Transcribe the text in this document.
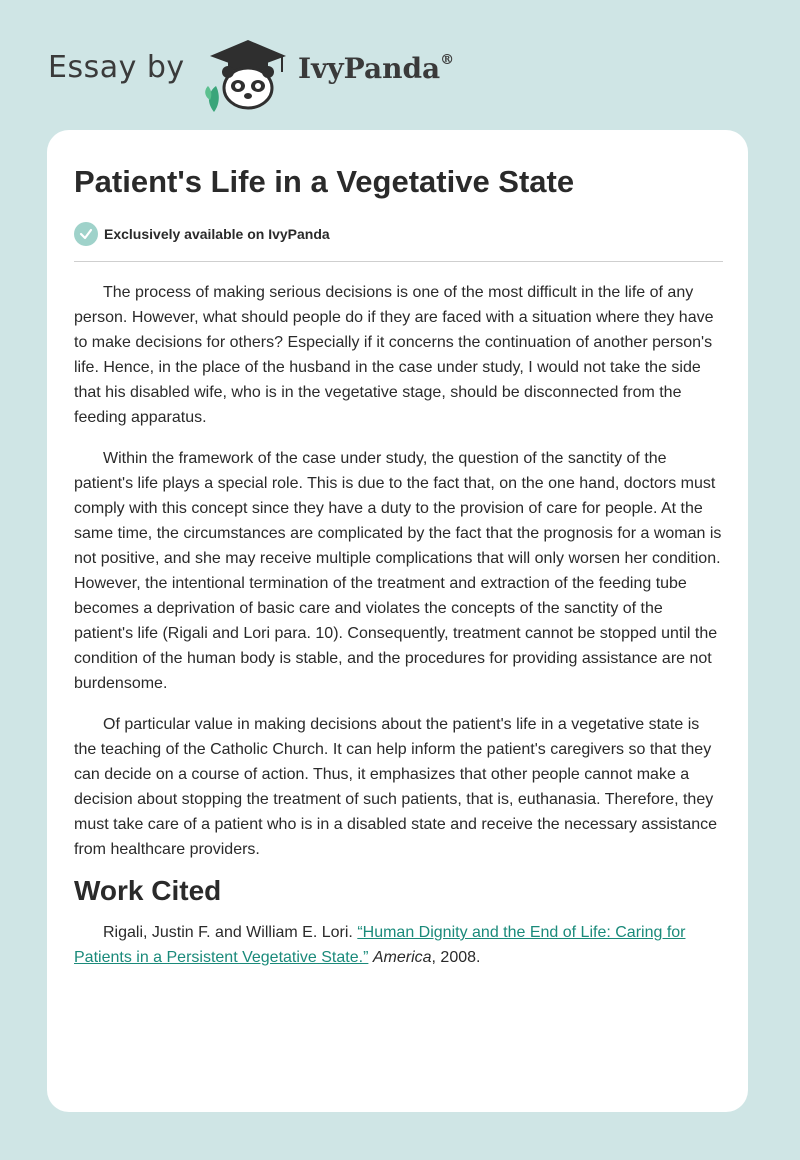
Essay by	IvyPanda®
Patient's Life in a Vegetative State
Exclusively available on IvyPanda

The process of making serious decisions is one of the most difficult in the life of any person. However, what should people do if they are faced with a situation where they have to make decisions for others? Especially if it concerns the continuation of another person's life. Hence, in the place of the husband in the case under study, I would not take the side that his disabled wife, who is in the vegetative stage, should be disconnected from the feeding apparatus.

Within the framework of the case under study, the question of the sanctity of the patient's life plays a special role. This is due to the fact that, on the one hand, doctors must comply with this concept since they have a duty to the provision of care for people. At the same time, the circumstances are complicated by the fact that the prognosis for a woman is not positive, and she may receive multiple complications that will only worsen her condition. However, the intentional termination of the treatment and extraction of the feeding tube becomes a deprivation of basic care and violates the concepts of the sanctity of the patient's life (Rigali and Lori para. 10). Consequently, treatment cannot be stopped until the condition of the human body is stable, and the procedures for providing assistance are not burdensome.

Of particular value in making decisions about the patient's life in a vegetative state is the teaching of the Catholic Church. It can help inform the patient's caregivers so that they can decide on a course of action. Thus, it emphasizes that other people cannot make a decision about stopping the treatment of such patients, that is, euthanasia. Therefore, they must take care of a patient who is in a disabled state and receive the necessary assistance from healthcare providers.

Work Cited

Rigali, Justin F. and William E. Lori. “Human Dignity and the End of Life: Caring for Patients in a Persistent Vegetative State.” America, 2008.
